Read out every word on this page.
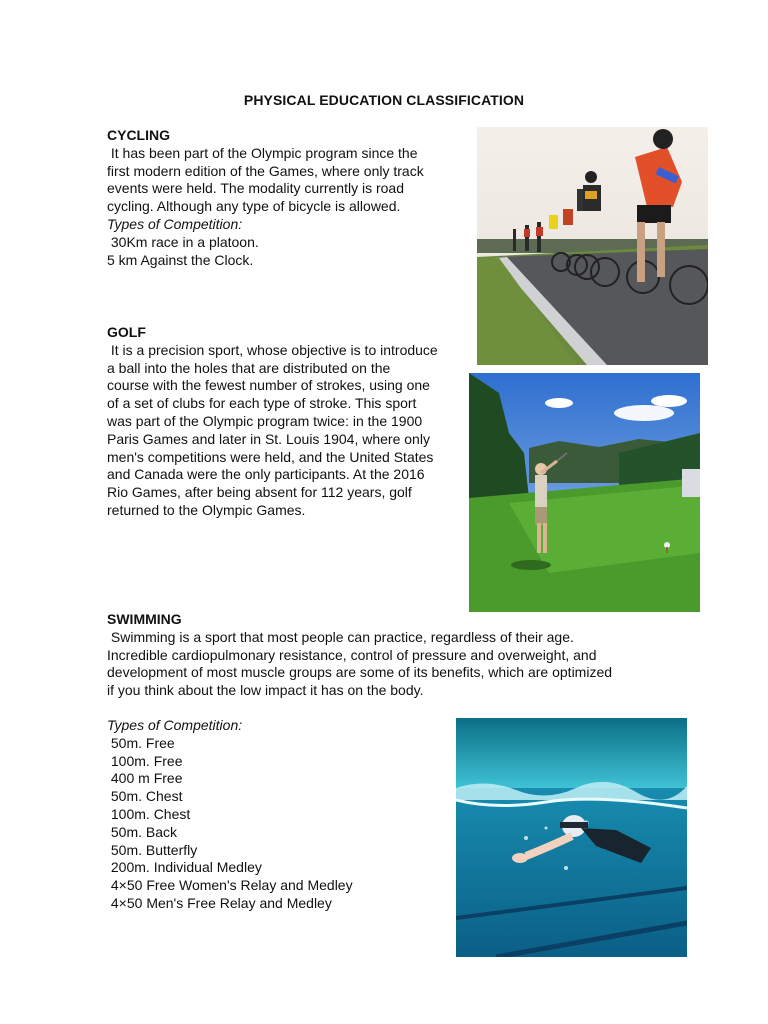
PHYSICAL EDUCATION CLASSIFICATION
CYCLING
It has been part of the Olympic program since the
first modern edition of the Games, where only track
events were held. The modality currently is road
cycling. Although any type of bicycle is allowed.
Types of Competition:
30Km race in a platoon.
5 km Against the Clock.
GOLF
It is a precision sport, whose objective is to introduce
a ball into the holes that are distributed on the
course with the fewest number of strokes, using one
of a set of clubs for each type of stroke. This sport
was part of the Olympic program twice: in the 1900
Paris Games and later in St. Louis 1904, where only
men's competitions were held, and the United States
and Canada were the only participants. At the 2016
Rio Games, after being absent for 112 years, golf
returned to the Olympic Games.
SWIMMING
Swimming is a sport that most people can practice, regardless of their age.
Incredible cardiopulmonary resistance, control of pressure and overweight, and
development of most muscle groups are some of its benefits, which are optimized
if you think about the low impact it has on the body.
Types of Competition:
50m. Free
100m. Free
400 m Free
50m. Chest
100m. Chest
50m. Back
50m. Butterfly
200m. Individual Medley
4×50 Free Women's Relay and Medley
4×50 Men's Free Relay and Medley
